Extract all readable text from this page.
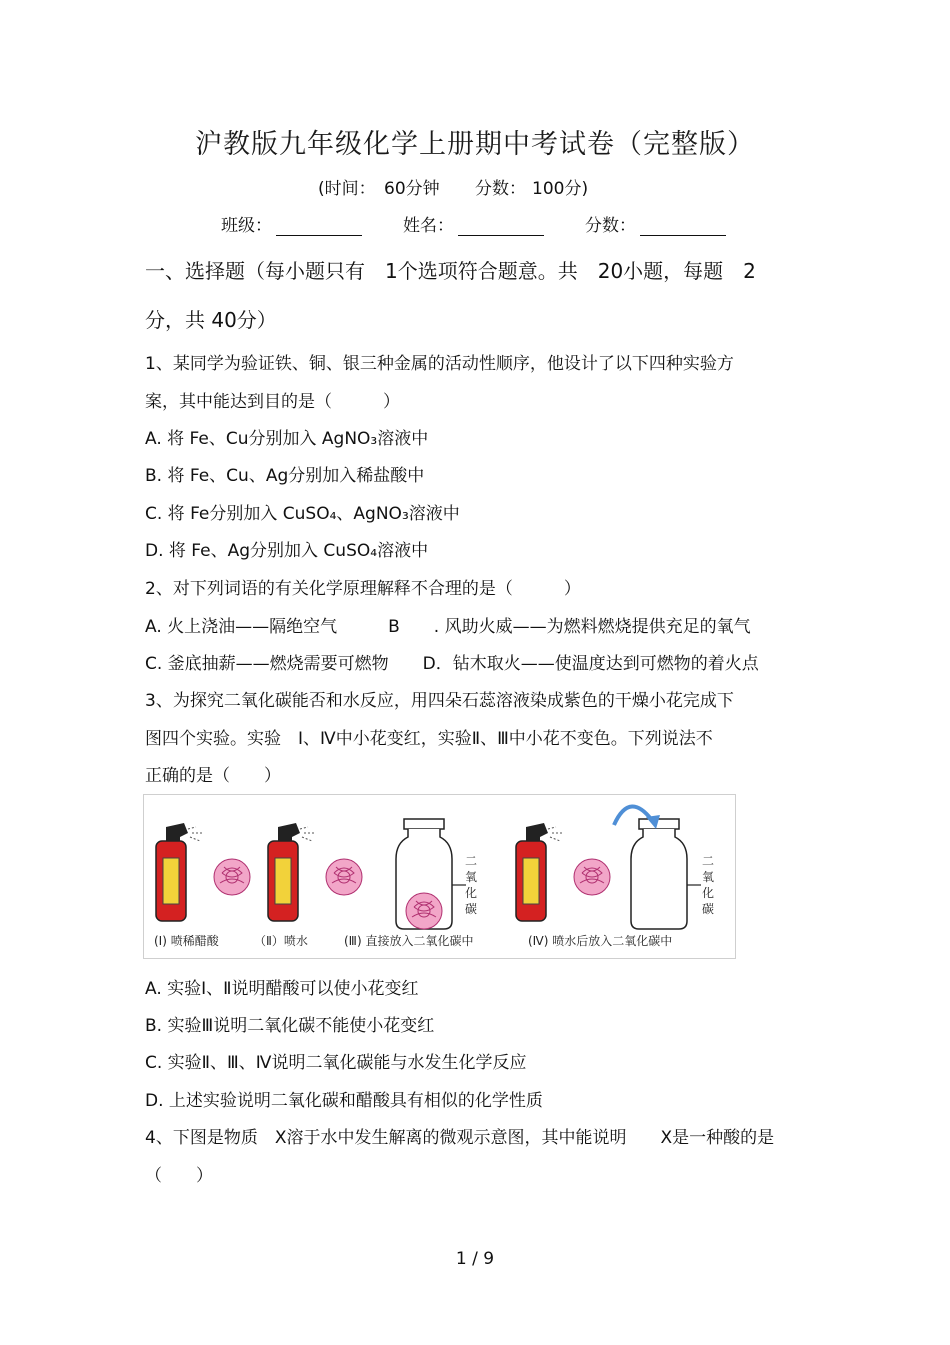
沪教版九年级化学上册期中考试卷（完整版）
(时间： 60分钟 分数： 100分)
班级：	姓名：	分数：
一、选择题（每小题只有　1个选项符合题意。共　20小题，每题　2
分，共 40分）
1、某同学为验证铁、铜、银三种金属的活动性顺序，他设计了以下四种实验方
案，其中能达到目的是（　　　）
A. 将 Fe、Cu分别加入 AgNO₃溶液中
B. 将 Fe、Cu、Ag分别加入稀盐酸中
C. 将 Fe分别加入 CuSO₄、AgNO₃溶液中
D. 将 Fe、Ag分别加入 CuSO₄溶液中
2、对下列词语的有关化学原理解释不合理的是（　　　）
A. 火上浇油——隔绝空气　　　B　　. 风助火威——为燃料燃烧提供充足的氧气
C. 釜底抽薪——燃烧需要可燃物　　D．钻木取火——使温度达到可燃物的着火点
3、为探究二氧化碳能否和水反应，用四朵石蕊溶液染成紫色的干燥小花完成下
图四个实验。实验　I、Ⅳ中小花变红，实验Ⅱ、Ⅲ中小花不变色。下列说法不
正确的是（　　）
二
氧
化
碳
二
氧
化
碳
(I) 喷稀醋酸	（Ⅱ）喷水	(Ⅲ) 直接放入二氧化碳中	(Ⅳ) 喷水后放入二氧化碳中
A. 实验Ⅰ、Ⅱ说明醋酸可以使小花变红
B. 实验Ⅲ说明二氧化碳不能使小花变红
C. 实验Ⅱ、Ⅲ、Ⅳ说明二氧化碳能与水发生化学反应
D. 上述实验说明二氧化碳和醋酸具有相似的化学性质
4、下图是物质　X溶于水中发生解离的微观示意图，其中能说明　　X是一种酸的是
（　　）
1 / 9
